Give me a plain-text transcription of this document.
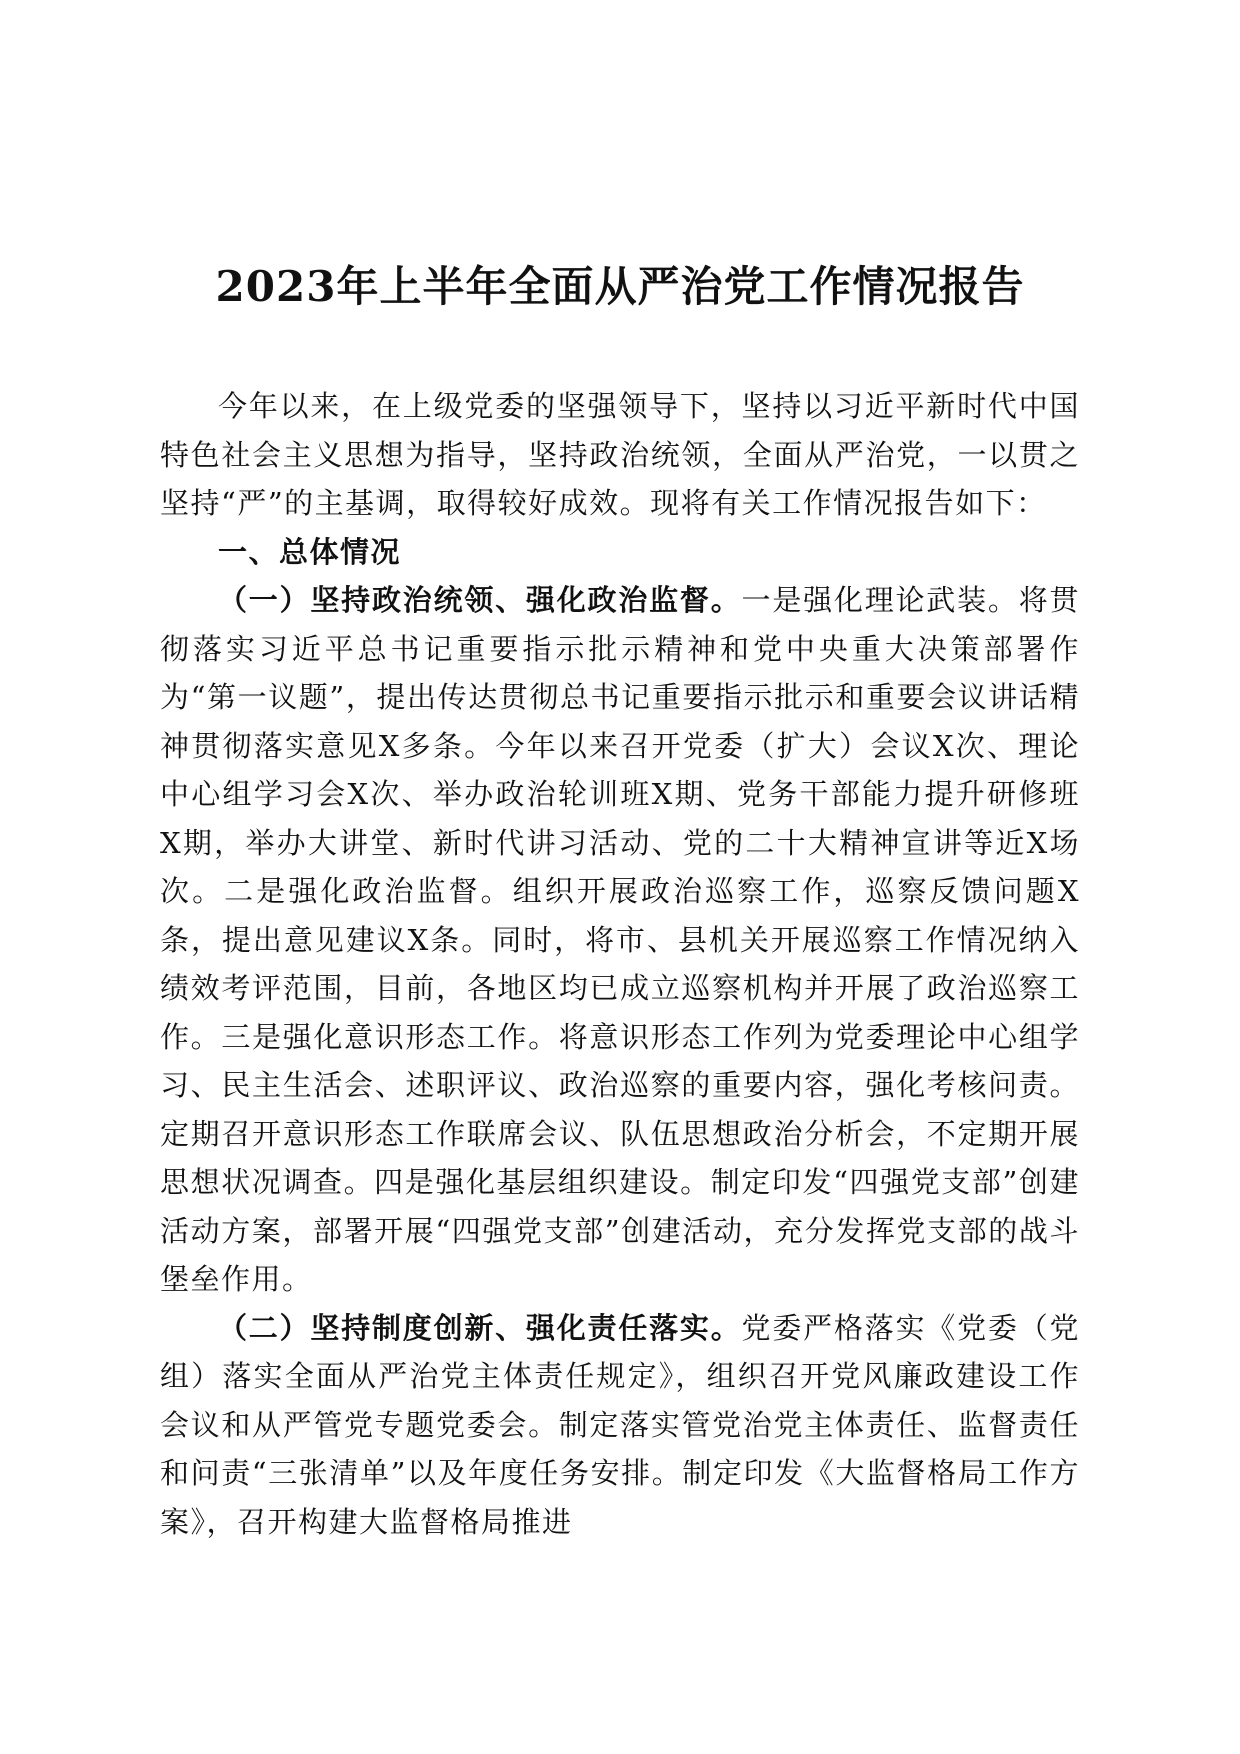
2023年上半年全面从严治党工作情况报告

今年以来，在上级党委的坚强领导下，坚持以习近平新时代中国特色社会主义思想为指导，坚持政治统领，全面从严治党，一以贯之坚持“严”的主基调，取得较好成效。现将有关工作情况报告如下：

一、总体情况

（一）坚持政治统领、强化政治监督。一是强化理论武装。将贯彻落实习近平总书记重要指示批示精神和党中央重大决策部署作为“第一议题”，提出传达贯彻总书记重要指示批示和重要会议讲话精神贯彻落实意见X多条。今年以来召开党委（扩大）会议X次、理论中心组学习会X次、举办政治轮训班X期、党务干部能力提升研修班X期，举办大讲堂、新时代讲习活动、党的二十大精神宣讲等近X场次。二是强化政治监督。组织开展政治巡察工作，巡察反馈问题X条，提出意见建议X条。同时，将市、县机关开展巡察工作情况纳入绩效考评范围，目前，各地区均已成立巡察机构并开展了政治巡察工作。三是强化意识形态工作。将意识形态工作列为党委理论中心组学习、民主生活会、述职评议、政治巡察的重要内容，强化考核问责。定期召开意识形态工作联席会议、队伍思想政治分析会，不定期开展思想状况调查。四是强化基层组织建设。制定印发“四强党支部”创建活动方案，部署开展“四强党支部”创建活动，充分发挥党支部的战斗堡垒作用。

（二）坚持制度创新、强化责任落实。党委严格落实《党委（党组）落实全面从严治党主体责任规定》，组织召开党风廉政建设工作会议和从严管党专题党委会。制定落实管党治党主体责任、监督责任和问责“三张清单”以及年度任务安排。制定印发《大监督格局工作方案》，召开构建大监督格局推进
